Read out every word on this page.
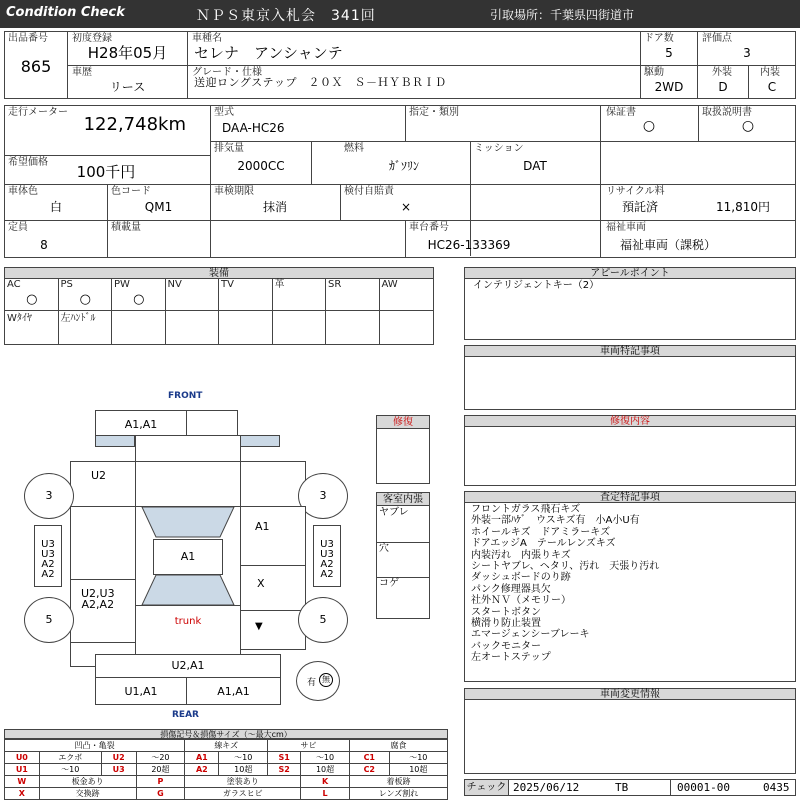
Condition Check	ＮＰＳ東京入札会　341回	引取場所：千葉県四街道市
出品番号
865
初度登録
H28年05月
車種名
セレナ　アンシャンテ
ドア数
5
評価点
3
車歴
リース
グレード・仕様
送迎ロングステップ　２０Ｘ　Ｓ－ＨＹＢＲＩＤ
駆動
2WD
外装
D
内装
C
走行メーター
122,748km
型式
DAA-HC26
指定・類別	保証書
○
取扱説明書
○
希望価格
100千円
排気量
2000CC
燃料
ｶﾞｿﾘﾝ
ミッション
DAT
車体色
白
色コード
QM1
車検期限
抹消
検付自賠責
×
リサイクル料
預託済	11,810円
定員
8
積載量	車台番号
HC26-133369
福祉車両
福祉車両（課税）
装備
AC
○
PS
○
PW
○
NV	TV	革	SR	AW
Wﾀｲﾔ	左ﾊﾝﾄﾞﾙ
アピールポイント
インテリジェントキー（2）
車両特記事項
修復内容
査定特記事項
フロントガラス飛石キズ
外装一部ﾊｹﾞ　ウスキズ有　小A小U有
ホイールキズ　ドアミラーキズ
ドアエッジA　テールレンズキズ
内装汚れ　内張りキズ
シートヤブレ、ヘタリ、汚れ　天張り汚れ
ダッシュボードのり跡
パンク修理器具欠
社外ＮＶ（メモリー）
スタートボタン
横滑り防止装置
エマージェンシーブレーキ
バックモニター
左オートステップ
車両変更情報
チェック 2025/06/12	TB	00001-00	0435
修復
客室内張
ヤブレ
穴
コゲ
FRONT
REAR
A1,A1
U2
3	3
A1
A1
U3
U3
A2
A2
U3
U3
A2
A2
U2,U3
A2,A2
X
▼
trunk
5	5
U2,A1
U1,A1	A1,A1
有 無
損傷記号＆損傷サイズ（～最大cm）
凹凸・亀裂				線キズ		サビ		腐食	
U0	エクボ	U2	～20	A1	～10	S1	～10	C1	～10
U1	～10	U3	20超	A2	10超	S2	10超	C2	10超
W	板金あり		P	塗装あり			K	着板跡	
X	交換跡		G	ガラスヒビ			L	レンズ割れ	
